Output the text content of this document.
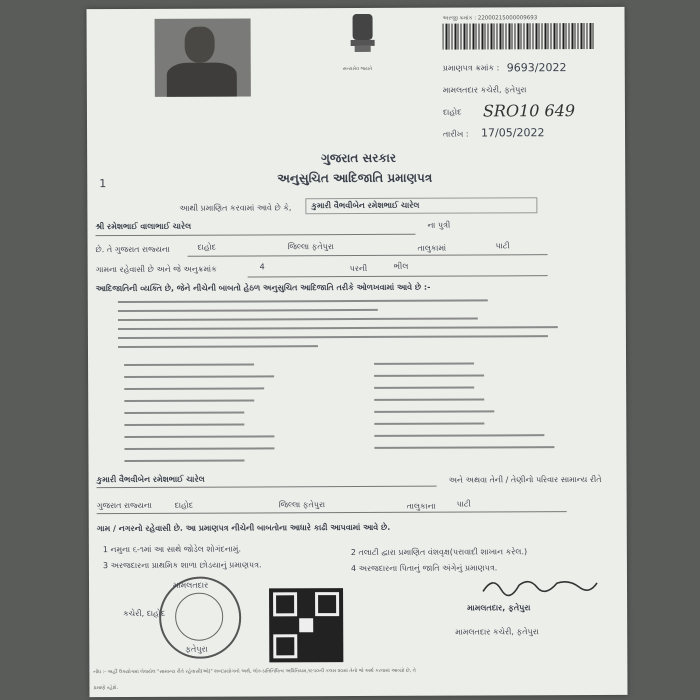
સત્યમેવ જયતે
અરજી ક્રમાંક : 22000215000009693
પ્રમાણપત્ર ક્રમાંક : 9693/2022
મામલતદાર કચેરી, ફતેપુરા
દાહોદ SRO10 649
તારીખ : 17/05/2022
ગુજરાત સરકાર
અનુસુચિત આદિજાતિ પ્રમાણપત્ર
1
આથી પ્રમાણિત કરવામાં આવે છે કે, કુમારી વૈભવીબેન રમેશભાઈ ચારેલ
શ્રી રમેશભાઈ વાલાભાઈ ચારેલ	ના પુત્રી
છે. તે ગુજરાત રાજ્યના	દાહોદ	જિલ્લા ફતેપુરા	તાલુકામાં	પાટી
ગામના રહેવાસી છે અને જે અનુક્રમાંક	4	પરની	ભીલ
આદિજાતિની વ્યક્તિ છે, જેને નીચેની બાબતો હેઠળ અનુસુચિત આદિજાતિ તરીકે ઓળખવામાં આવે છે :-
કુમારી વૈભવીબેન રમેશભાઈ ચારેલ	અને અથવા તેની / તેણીનો પરિવાર સામાન્ય રીતે
ગુજરાત રાજ્યના	દાહોદ	જિલ્લા ફતેપુરા	તાલુકાના	પાટી
ગામ / નગરનો રહેવાસી છે. આ પ્રમાણપત્ર નીચેની બાબતોના આધારે કાઢી આપવામાં આવે છે.
1 નમુના ૬-૧માં આ સાથે જોડેલ શોગંદનામું.	2 તલાટી દ્વારા પ્રમાણિત વંશવૃક્ષ(પરાવાદી શાખાન કરેલ.)
3 અરજદારના પ્રાથમિક શાળા છોડયાનું પ્રમાણપત્ર.	4 અરજદારના પિતાનું જાતિ અંગેનું પ્રમાણપત્ર.
મામલતદાર
કચેરી, દાહોદ
ફતેપુરા
મામલતદાર, ફતેપુરા
મામલતદાર કચેરી, ફતેપુરા
નોંધ :- અહીં ઉપયોગમાં લેવાયેલ "સામાન્ય રીતે રહેવાસી(ઓ)" શબ્દપ્રયોગનો અર્થ, લોક-પ્રતિનિધિત્વ અધિનિયમ,૧૯૫૦ની કલમ ૨૦માં તેનો જે અર્થ કરવામાં આવ્યો છે, તે
પ્રમાણે રહેશે.
